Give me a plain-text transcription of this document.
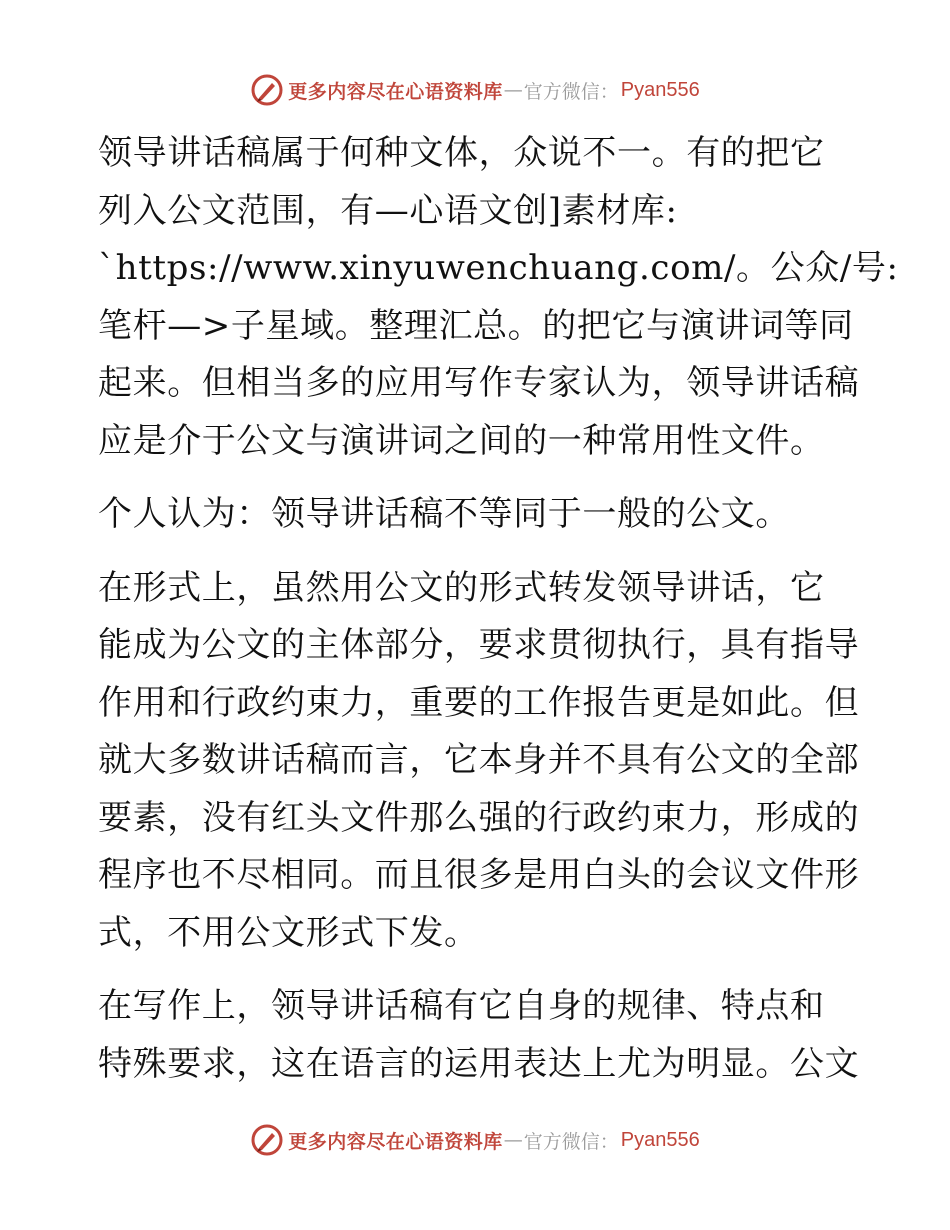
更多内容尽在心语资料库 — 官方微信： Pyan556

领导讲话稿属于何种文体，众说不一。有的把它
列入公文范围，有—心语文创]素材库:
`https://www.xinyuwenchuang.com/。公众/号:
笔杆—>子星域。整理汇总。的把它与演讲词等同
起来。但相当多的应用写作专家认为，领导讲话稿
应是介于公文与演讲词之间的一种常用性文件。

个人认为：领导讲话稿不等同于一般的公文。

在形式上，虽然用公文的形式转发领导讲话，它
能成为公文的主体部分，要求贯彻执行，具有指导
作用和行政约束力，重要的工作报告更是如此。但
就大多数讲话稿而言，它本身并不具有公文的全部
要素，没有红头文件那么强的行政约束力，形成的
程序也不尽相同。而且很多是用白头的会议文件形
式，不用公文形式下发。

在写作上，领导讲话稿有它自身的规律、特点和
特殊要求，这在语言的运用表达上尤为明显。公文

更多内容尽在心语资料库 — 官方微信： Pyan556
